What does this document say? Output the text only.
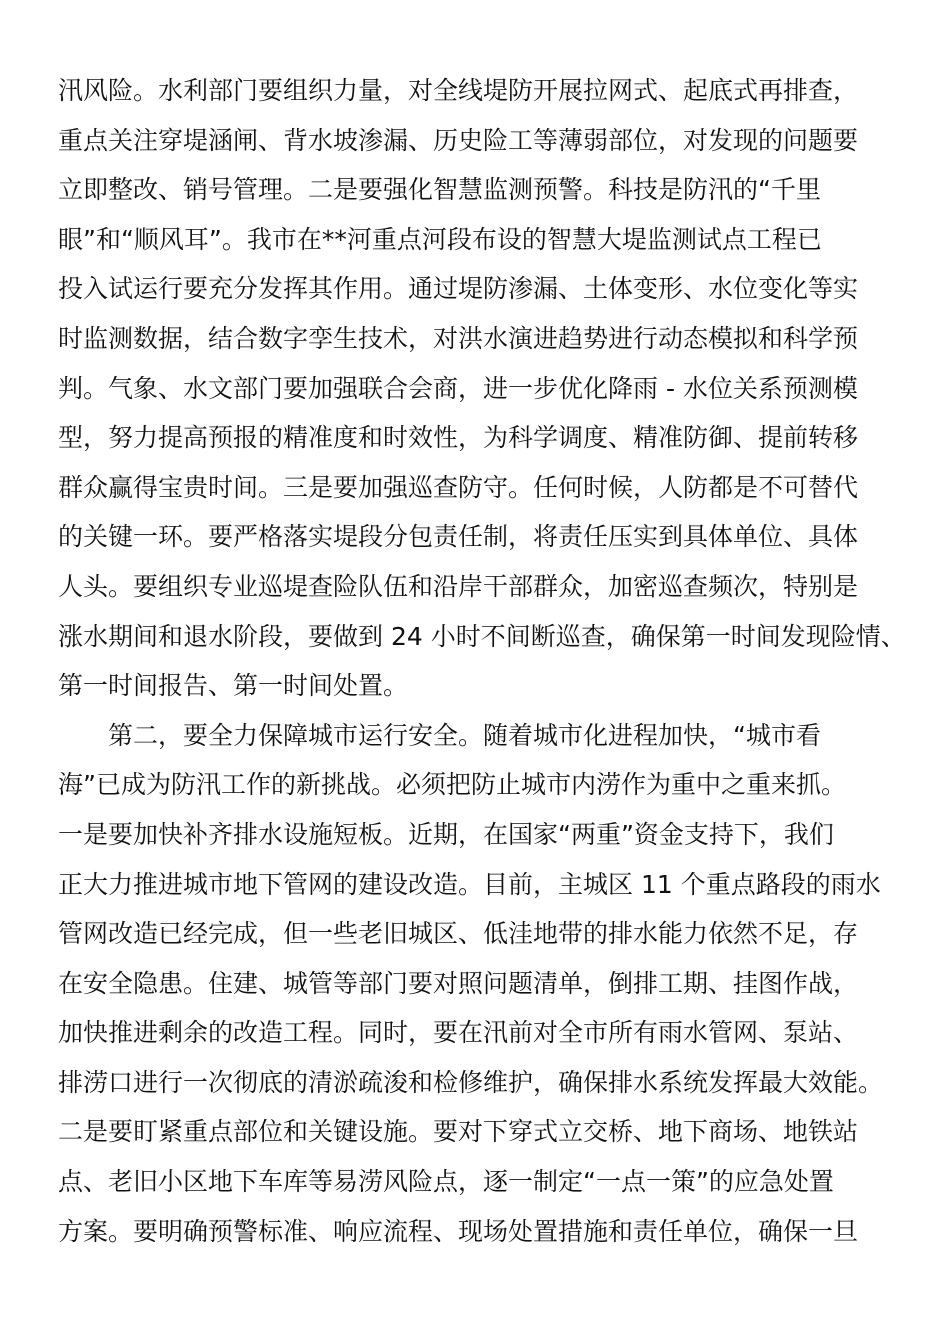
汛风险。水利部门要组织力量，对全线堤防开展拉网式、起底式再排查，
重点关注穿堤涵闸、背水坡渗漏、历史险工等薄弱部位，对发现的问题要
立即整改、销号管理。二是要强化智慧监测预警。科技是防汛的“千里
眼”和“顺风耳”。我市在**河重点河段布设的智慧大堤监测试点工程已
投入试运行要充分发挥其作用。通过堤防渗漏、土体变形、水位变化等实
时监测数据，结合数字孪生技术，对洪水演进趋势进行动态模拟和科学预
判。气象、水文部门要加强联合会商，进一步优化降雨 - 水位关系预测模
型，努力提高预报的精准度和时效性，为科学调度、精准防御、提前转移
群众赢得宝贵时间。三是要加强巡查防守。任何时候，人防都是不可替代
的关键一环。要严格落实堤段分包责任制，将责任压实到具体单位、具体
人头。要组织专业巡堤查险队伍和沿岸干部群众，加密巡查频次，特别是
涨水期间和退水阶段，要做到 24 小时不间断巡查，确保第一时间发现险情、
第一时间报告、第一时间处置。
第二，要全力保障城市运行安全。随着城市化进程加快，“城市看
海”已成为防汛工作的新挑战。必须把防止城市内涝作为重中之重来抓。
一是要加快补齐排水设施短板。近期，在国家“两重”资金支持下，我们
正大力推进城市地下管网的建设改造。目前，主城区 11 个重点路段的雨水
管网改造已经完成，但一些老旧城区、低洼地带的排水能力依然不足，存
在安全隐患。住建、城管等部门要对照问题清单，倒排工期、挂图作战，
加快推进剩余的改造工程。同时，要在汛前对全市所有雨水管网、泵站、
排涝口进行一次彻底的清淤疏浚和检修维护，确保排水系统发挥最大效能。
二是要盯紧重点部位和关键设施。要对下穿式立交桥、地下商场、地铁站
点、老旧小区地下车库等易涝风险点，逐一制定“一点一策”的应急处置
方案。要明确预警标准、响应流程、现场处置措施和责任单位，确保一旦
